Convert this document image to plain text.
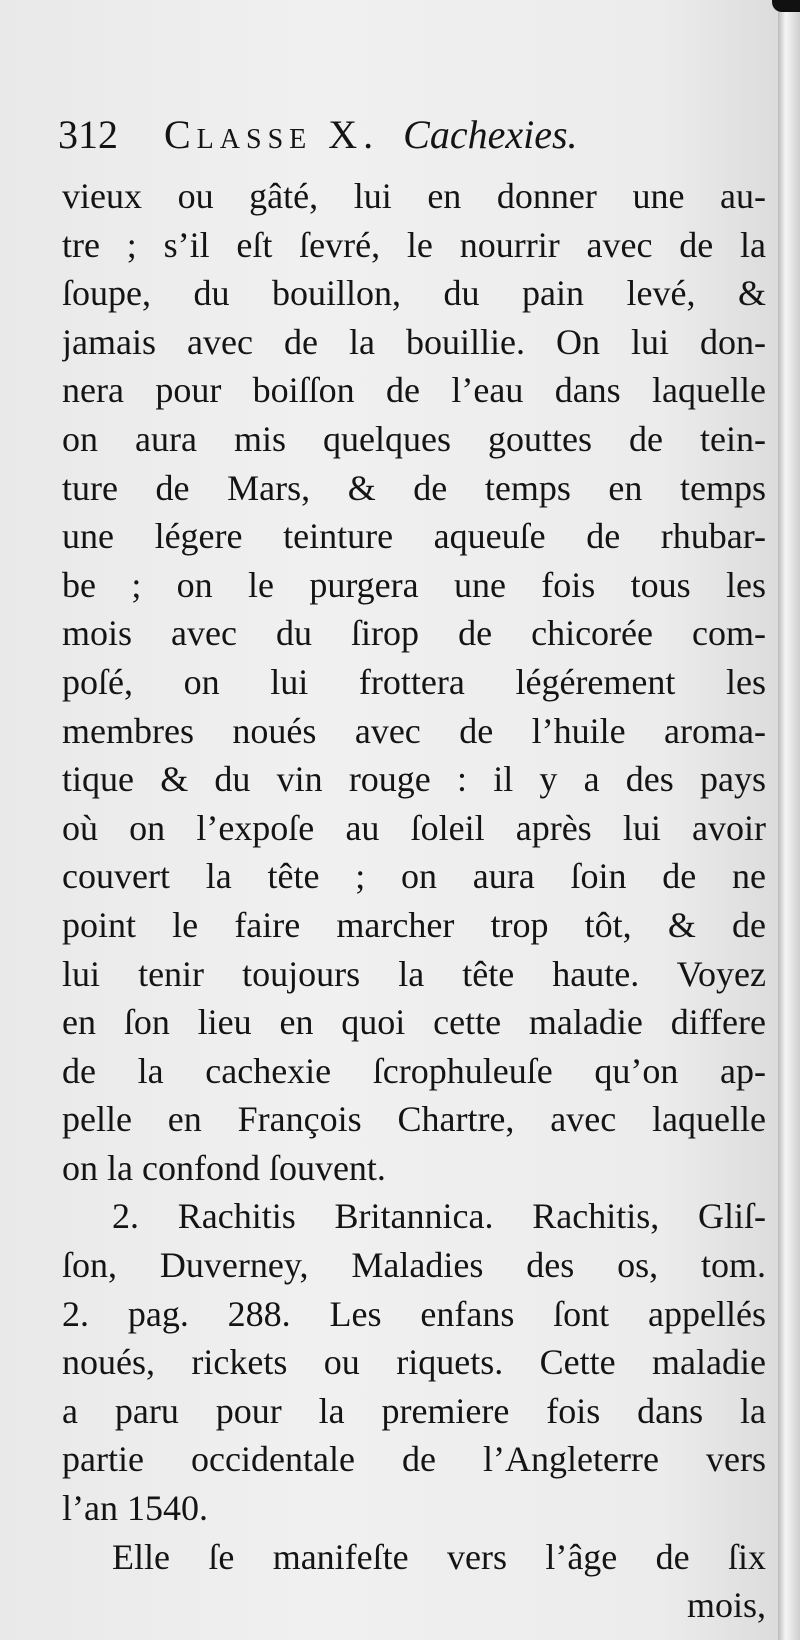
312 Classe X. Cachexies.
vieux ou gâté, lui en donner une au-
tre ; s’il eſt ſevré, le nourrir avec de la
ſoupe, du bouillon, du pain levé, &
jamais avec de la bouillie. On lui don-
nera pour boiſſon de l’eau dans laquelle
on aura mis quelques gouttes de tein-
ture de Mars, & de temps en temps
une légere teinture aqueuſe de rhubar-
be ; on le purgera une fois tous les
mois avec du ſirop de chicorée com-
poſé, on lui frottera légérement les
membres noués avec de l’huile aroma-
tique & du vin rouge : il y a des pays
où on l’expoſe au ſoleil après lui avoir
couvert la tête ; on aura ſoin de ne
point le faire marcher trop tôt, & de
lui tenir toujours la tête haute. Voyez
en ſon lieu en quoi cette maladie differe
de la cachexie ſcrophuleuſe qu’on ap-
pelle en François Chartre, avec laquelle
on la confond ſouvent.
2. Rachitis Britannica. Rachitis, Gliſ-
ſon, Duverney, Maladies des os, tom.
2. pag. 288. Les enfans ſont appellés
noués, rickets ou riquets. Cette maladie
a paru pour la premiere fois dans la
partie occidentale de l’Angleterre vers
l’an 1540.
Elle ſe manifeſte vers l’âge de ſix
mois,
